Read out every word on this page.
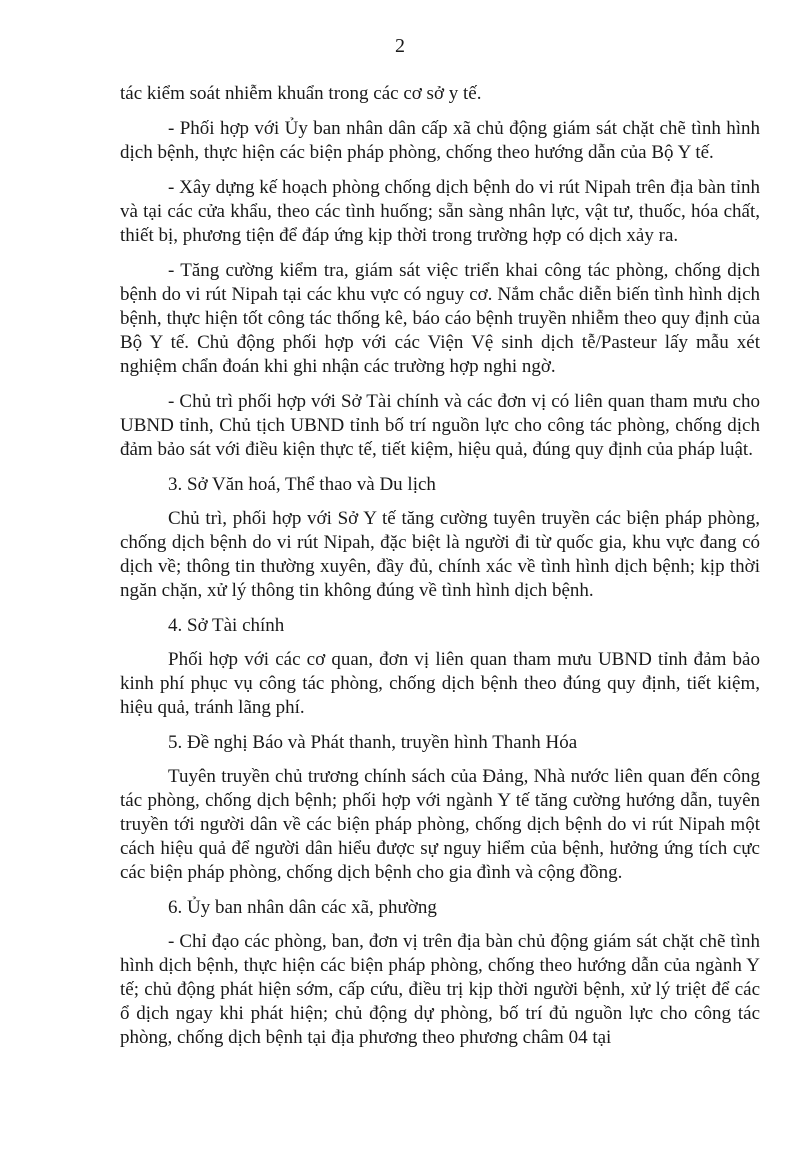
2

tác kiểm soát nhiễm khuẩn trong các cơ sở y tế.

- Phối hợp với Ủy ban nhân dân cấp xã chủ động giám sát chặt chẽ tình hình dịch bệnh, thực hiện các biện pháp phòng, chống theo hướng dẫn của Bộ Y tế.

- Xây dựng kế hoạch phòng chống dịch bệnh do vi rút Nipah trên địa bàn tỉnh và tại các cửa khẩu, theo các tình huống; sẵn sàng nhân lực, vật tư, thuốc, hóa chất, thiết bị, phương tiện để đáp ứng kịp thời trong trường hợp có dịch xảy ra.

- Tăng cường kiểm tra, giám sát việc triển khai công tác phòng, chống dịch bệnh do vi rút Nipah tại các khu vực có nguy cơ. Nắm chắc diễn biến tình hình dịch bệnh, thực hiện tốt công tác thống kê, báo cáo bệnh truyền nhiễm theo quy định của Bộ Y tế. Chủ động phối hợp với các Viện Vệ sinh dịch tễ/Pasteur lấy mẫu xét nghiệm chẩn đoán khi ghi nhận các trường hợp nghi ngờ.

- Chủ trì phối hợp với Sở Tài chính và các đơn vị có liên quan tham mưu cho UBND tỉnh, Chủ tịch UBND tỉnh bố trí nguồn lực cho công tác phòng, chống dịch đảm bảo sát với điều kiện thực tế, tiết kiệm, hiệu quả, đúng quy định của pháp luật.

3. Sở Văn hoá, Thể thao và Du lịch

Chủ trì, phối hợp với Sở Y tế tăng cường tuyên truyền các biện pháp phòng, chống dịch bệnh do vi rút Nipah, đặc biệt là người đi từ quốc gia, khu vực đang có dịch về; thông tin thường xuyên, đầy đủ, chính xác về tình hình dịch bệnh; kịp thời ngăn chặn, xử lý thông tin không đúng về tình hình dịch bệnh.

4. Sở Tài chính

Phối hợp với các cơ quan, đơn vị liên quan tham mưu UBND tỉnh đảm bảo kinh phí phục vụ công tác phòng, chống dịch bệnh theo đúng quy định, tiết kiệm, hiệu quả, tránh lãng phí.

5. Đề nghị Báo và Phát thanh, truyền hình Thanh Hóa

Tuyên truyền chủ trương chính sách của Đảng, Nhà nước liên quan đến công tác phòng, chống dịch bệnh; phối hợp với ngành Y tế tăng cường hướng dẫn, tuyên truyền tới người dân về các biện pháp phòng, chống dịch bệnh do vi rút Nipah một cách hiệu quả để người dân hiểu được sự nguy hiểm của bệnh, hưởng ứng tích cực các biện pháp phòng, chống dịch bệnh cho gia đình và cộng đồng.

6. Ủy ban nhân dân các xã, phường

- Chỉ đạo các phòng, ban, đơn vị trên địa bàn chủ động giám sát chặt chẽ tình hình dịch bệnh, thực hiện các biện pháp phòng, chống theo hướng dẫn của ngành Y tế; chủ động phát hiện sớm, cấp cứu, điều trị kịp thời người bệnh, xử lý triệt để các ổ dịch ngay khi phát hiện; chủ động dự phòng, bố trí đủ nguồn lực cho công tác phòng, chống dịch bệnh tại địa phương theo phương châm 04 tại
